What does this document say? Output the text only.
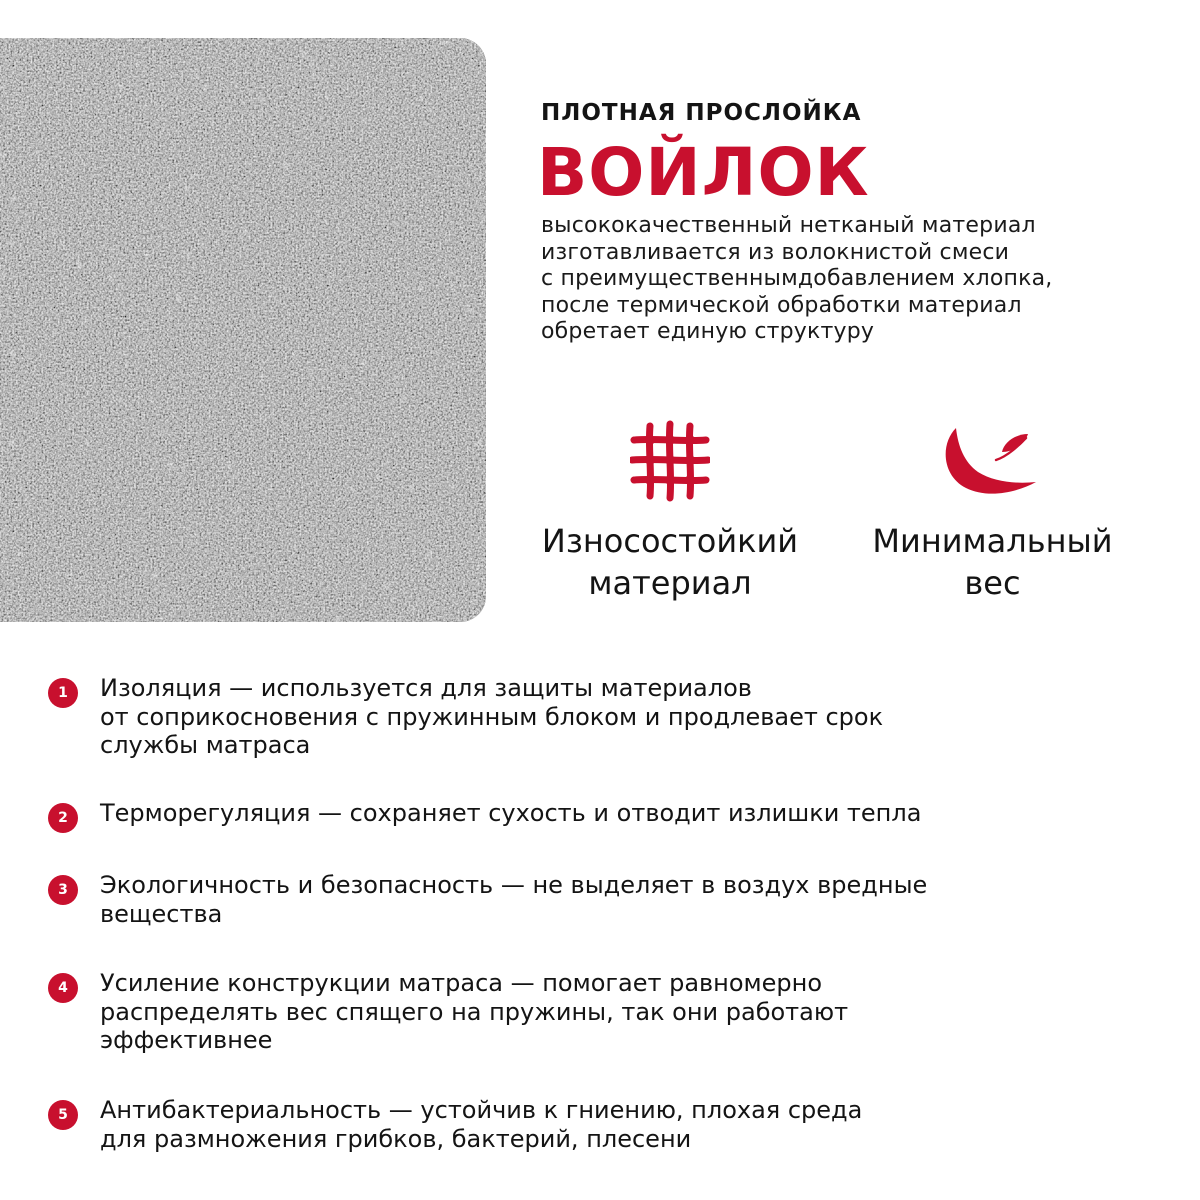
ПЛОТНАЯ ПРОСЛОЙКА
ВОЙЛОК
высококачественный нетканый материал
изготавливается из волокнистой смеси
с преимущественнымдобавлением хлопка,
после термической обработки материал
обретает единую структуру
Износостойкий
материал
Минимальный
вес
1	Изоляция — используется для защиты материалов
от соприкосновения с пружинным блоком и продлевает срок
службы матраса
2	Терморегуляция — сохраняет сухость и отводит излишки тепла
3	Экологичность и безопасность — не выделяет в воздух вредные
вещества
4	Усиление конструкции матраса — помогает равномерно
распределять вес спящего на пружины, так они работают
эффективнее
5	Антибактериальность — устойчив к гниению, плохая среда
для размножения грибков, бактерий, плесени
